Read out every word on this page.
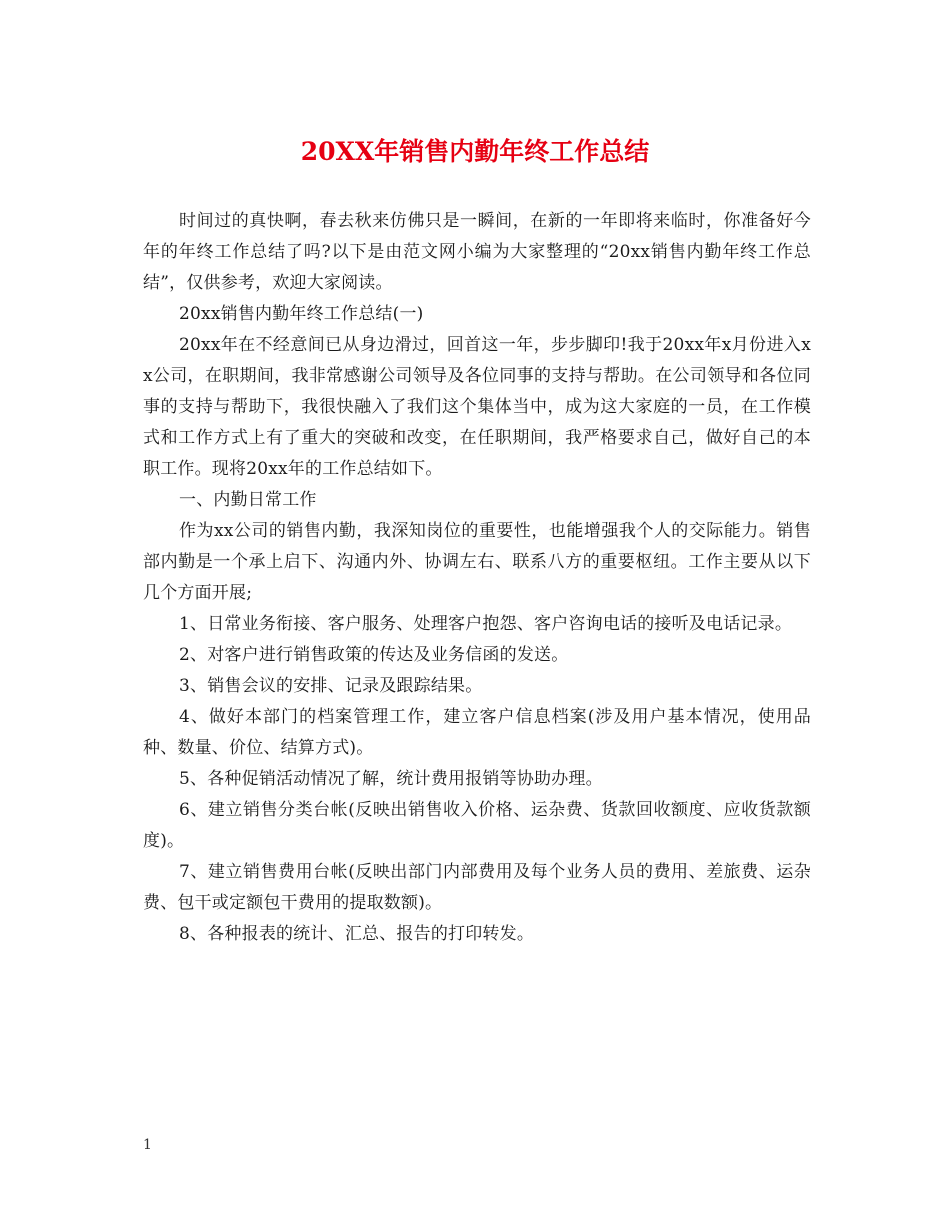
20XX年销售内勤年终工作总结

时间过的真快啊，春去秋来仿佛只是一瞬间，在新的一年即将来临时，你准备好今年的年终工作总结了吗?以下是由范文网小编为大家整理的“20xx销售内勤年终工作总结”，仅供参考，欢迎大家阅读。

20xx销售内勤年终工作总结(一)

20xx年在不经意间已从身边滑过，回首这一年，步步脚印!我于20xx年x月份进入xx公司，在职期间，我非常感谢公司领导及各位同事的支持与帮助。在公司领导和各位同事的支持与帮助下，我很快融入了我们这个集体当中，成为这大家庭的一员，在工作模式和工作方式上有了重大的突破和改变，在任职期间，我严格要求自己，做好自己的本职工作。现将20xx年的工作总结如下。

一、内勤日常工作

作为xx公司的销售内勤，我深知岗位的重要性，也能增强我个人的交际能力。销售部内勤是一个承上启下、沟通内外、协调左右、联系八方的重要枢纽。工作主要从以下几个方面开展;

1、日常业务衔接、客户服务、处理客户抱怨、客户咨询电话的接听及电话记录。

2、对客户进行销售政策的传达及业务信函的发送。

3、销售会议的安排、记录及跟踪结果。

4、做好本部门的档案管理工作，建立客户信息档案(涉及用户基本情况，使用品种、数量、价位、结算方式)。

5、各种促销活动情况了解，统计费用报销等协助办理。

6、建立销售分类台帐(反映出销售收入价格、运杂费、货款回收额度、应收货款额度)。

7、建立销售费用台帐(反映出部门内部费用及每个业务人员的费用、差旅费、运杂费、包干或定额包干费用的提取数额)。

8、各种报表的统计、汇总、报告的打印转发。

1
